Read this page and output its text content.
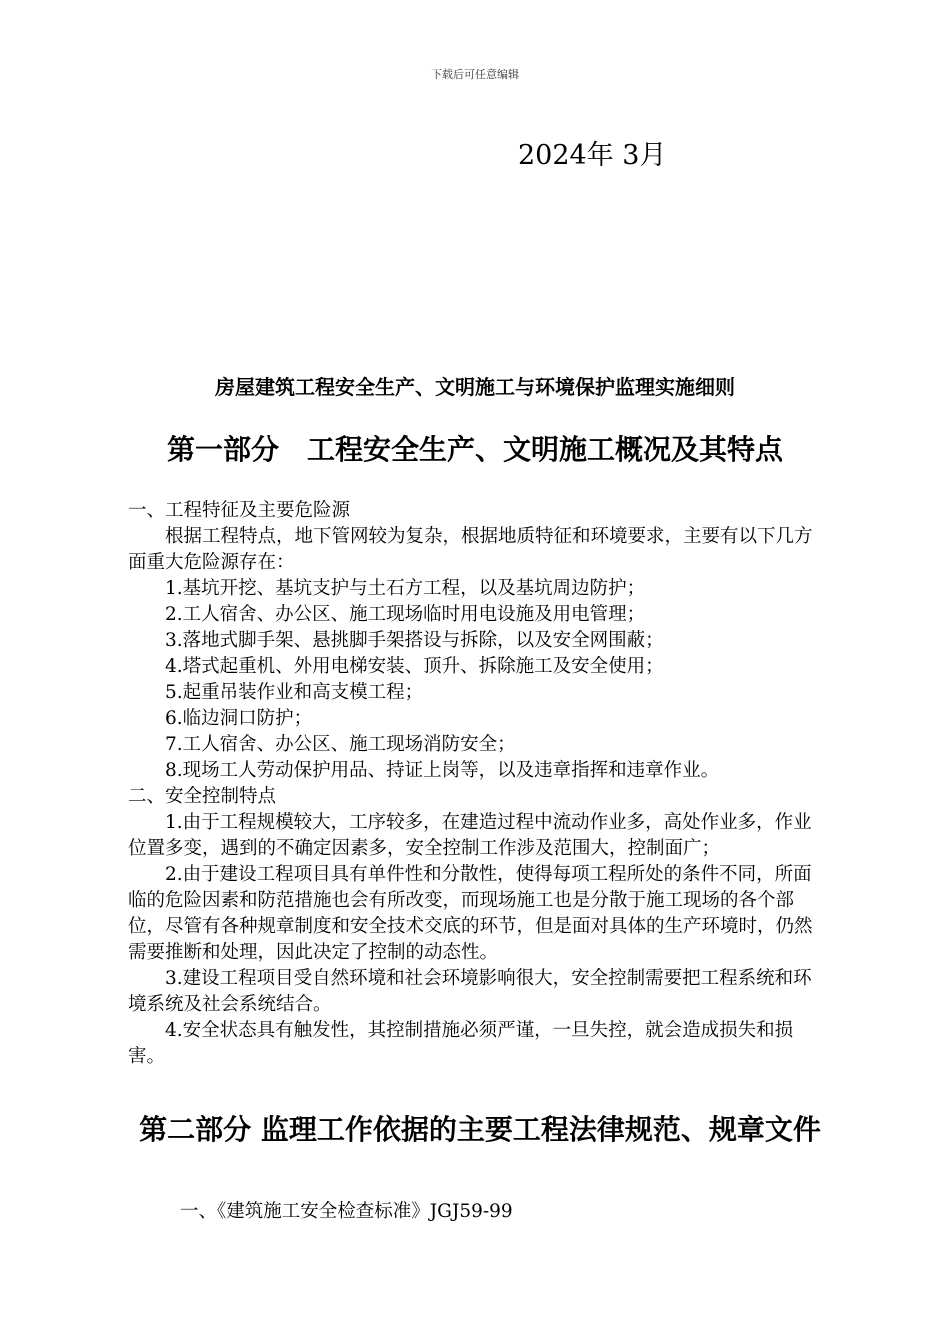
下载后可任意编辑
2024年 3月
房屋建筑工程安全生产、文明施工与环境保护监理实施细则
第一部分　工程安全生产、文明施工概况及其特点

一、工程特征及主要危险源

根据工程特点，地下管网较为复杂，根据地质特征和环境要求，主要有以下几方面重大危险源存在：

1.基坑开挖、基坑支护与土石方工程，以及基坑周边防护；

2.工人宿舍、办公区、施工现场临时用电设施及用电管理；

3.落地式脚手架、悬挑脚手架搭设与拆除，以及安全网围蔽；

4.塔式起重机、外用电梯安装、顶升、拆除施工及安全使用；

5.起重吊装作业和高支模工程；

6.临边洞口防护；

7.工人宿舍、办公区、施工现场消防安全；

8.现场工人劳动保护用品、持证上岗等，以及违章指挥和违章作业。

二、安全控制特点

1.由于工程规模较大，工序较多，在建造过程中流动作业多，高处作业多，作业位置多变，遇到的不确定因素多，安全控制工作涉及范围大，控制面广；

2.由于建设工程项目具有单件性和分散性，使得每项工程所处的条件不同，所面临的危险因素和防范措施也会有所改变，而现场施工也是分散于施工现场的各个部位，尽管有各种规章制度和安全技术交底的环节，但是面对具体的生产环境时，仍然需要推断和处理，因此决定了控制的动态性。

3.建设工程项目受自然环境和社会环境影响很大，安全控制需要把工程系统和环境系统及社会系统结合。

4.安全状态具有触发性，其控制措施必须严谨，一旦失控，就会造成损失和损害。

第二部分 监理工作依据的主要工程法律规范、规章文件
一、《建筑施工安全检查标准》JGJ59-99
